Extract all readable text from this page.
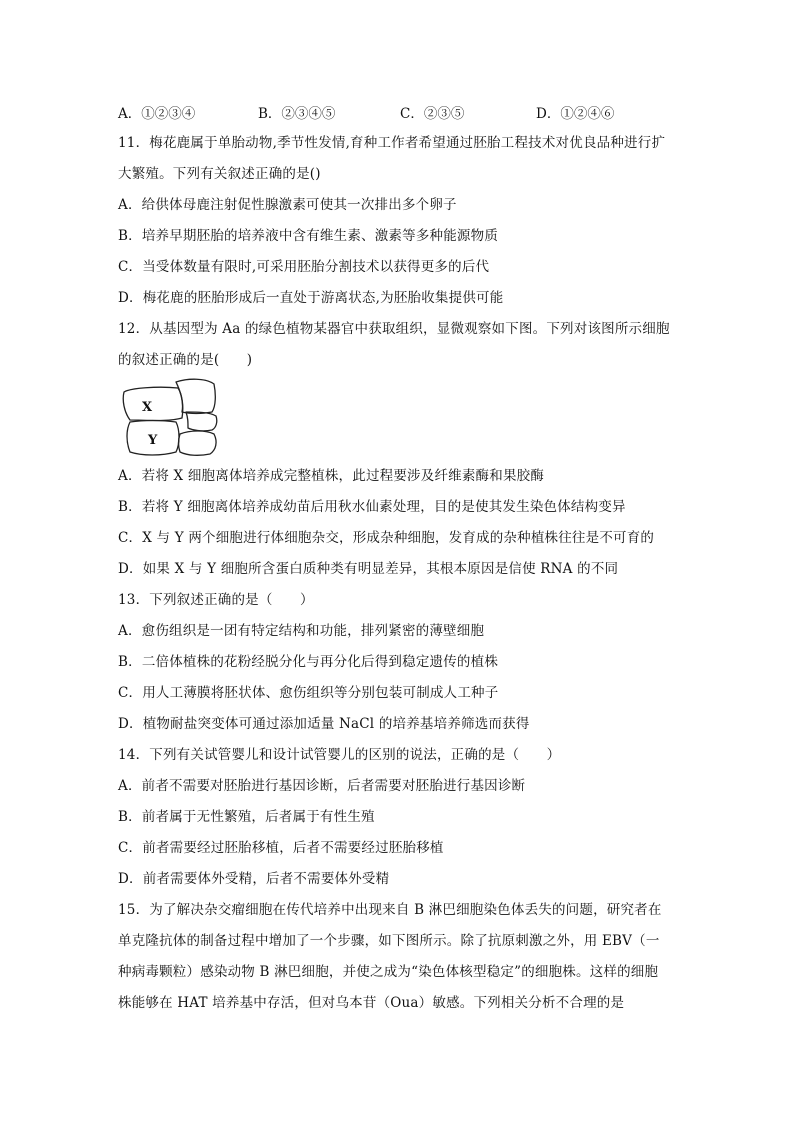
A．①②③④	B．②③④⑤	C．②③⑤	D．①②④⑥
11．梅花鹿属于单胎动物,季节性发情,育种工作者希望通过胚胎工程技术对优良品种进行扩
大繁殖。下列有关叙述正确的是()
A．给供体母鹿注射促性腺激素可使其一次排出多个卵子
B．培养早期胚胎的培养液中含有维生素、激素等多种能源物质
C．当受体数量有限时,可采用胚胎分割技术以获得更多的后代
D．梅花鹿的胚胎形成后一直处于游离状态,为胚胎收集提供可能
12．从基因型为 Aa 的绿色植物某器官中获取组织，显微观察如下图。下列对该图所示细胞
的叙述正确的是(　　)
X
Y
A．若将 X 细胞离体培养成完整植株，此过程要涉及纤维素酶和果胶酶
B．若将 Y 细胞离体培养成幼苗后用秋水仙素处理，目的是使其发生染色体结构变异
C．X 与 Y 两个细胞进行体细胞杂交，形成杂种细胞，发育成的杂种植株往往是不可育的
D．如果 X 与 Y 细胞所含蛋白质种类有明显差异，其根本原因是信使 RNA 的不同
13．下列叙述正确的是（　　）
A．愈伤组织是一团有特定结构和功能，排列紧密的薄壁细胞
B．二倍体植株的花粉经脱分化与再分化后得到稳定遗传的植株
C．用人工薄膜将胚状体、愈伤组织等分别包装可制成人工种子
D．植物耐盐突变体可通过添加适量 NaCl 的培养基培养筛选而获得
14．下列有关试管婴儿和设计试管婴儿的区别的说法，正确的是（　　）
A．前者不需要对胚胎进行基因诊断，后者需要对胚胎进行基因诊断
B．前者属于无性繁殖，后者属于有性生殖
C．前者需要经过胚胎移植，后者不需要经过胚胎移植
D．前者需要体外受精，后者不需要体外受精
15．为了解决杂交瘤细胞在传代培养中出现来自 B 淋巴细胞染色体丢失的问题，研究者在
单克隆抗体的制备过程中增加了一个步骤，如下图所示。除了抗原刺激之外，用 EBV（一
种病毒颗粒）感染动物 B 淋巴细胞，并使之成为“染色体核型稳定”的细胞株。这样的细胞
株能够在 HAT 培养基中存活，但对乌本苷（Oua）敏感。下列相关分析不合理的是
